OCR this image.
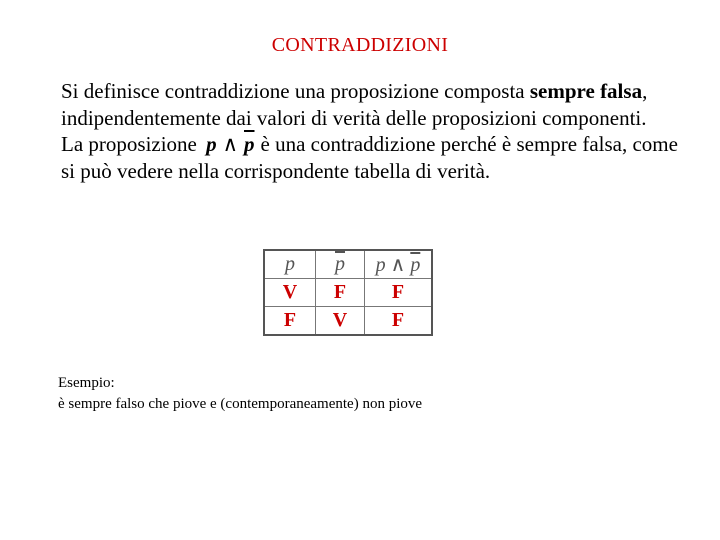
CONTRADDIZIONI

Si definisce contraddizione una proposizione composta sempre falsa, indipendentemente dai valori di verità delle proposizioni componenti.

La proposizione p ∧ $\overline{p}$ è una contraddizione perché è sempre falsa, come si può vedere nella corrispondente tabella di verità.

p	$\overline{p}$	p ∧ $\overline{p}$
V	F	F
F	V	F
Esempio:
è sempre falso che piove e (contemporaneamente) non piove
